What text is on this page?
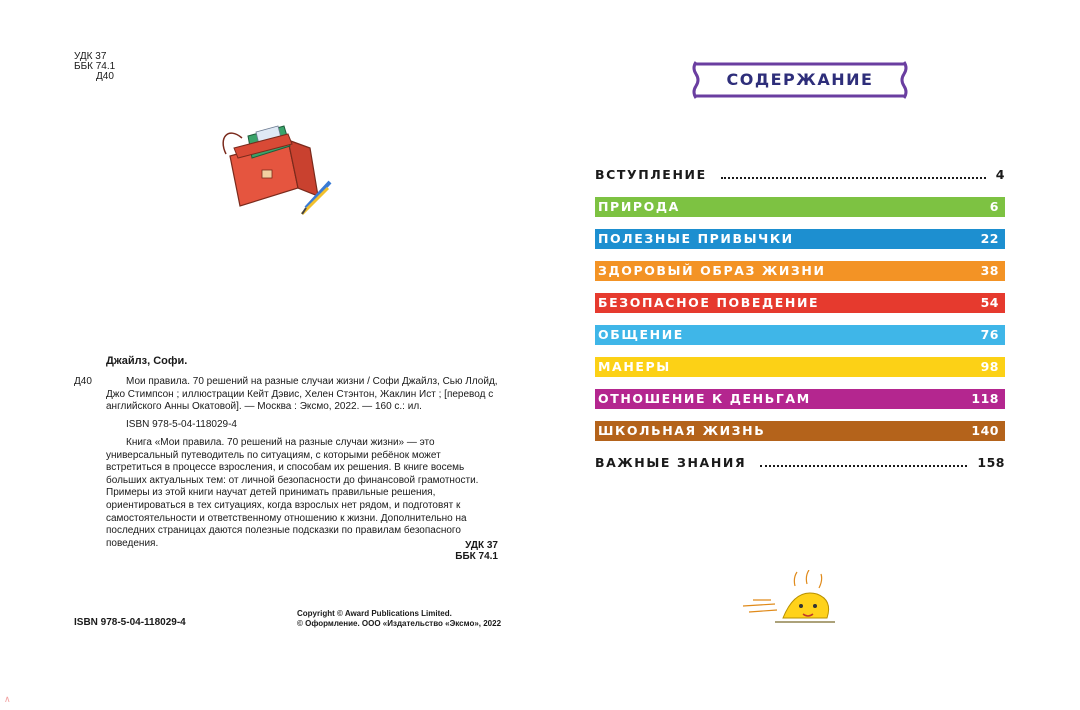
УДК 37
ББК 74.1
Д40
Джайлз, Софи.
Д40	Мои правила. 70 решений на разные случаи жизни / Софи Джайлз, Сью Ллойд, Джо Стимпсон ; иллюстрации Кейт Дэвис, Хелен Стэнтон, Жаклин Ист ; [перевод с английского Анны Окатовой]. — Москва : Эксмо, 2022. — 160 с.: ил.
ISBN 978-5-04-118029-4
Книга «Мои правила. 70 решений на разные случаи жизни» — это универсальный путеводитель по ситуациям, с которыми ребёнок может встретиться в процессе взросления, и способам их решения. В книге восемь больших актуальных тем: от личной безопасности до финансовой грамотности. Примеры из этой книги научат детей принимать правильные решения, ориентироваться в тех ситуациях, когда взрослых нет рядом, и подготовят к самостоятельности и ответственному отношению к жизни. Дополнительно на последних страницах даются полезные подсказки по правилам безопасного поведения.	УДК 37
ББК 74.1
ISBN 978-5-04-118029-4
Copyright © Award Publications Limited.
© Оформление. ООО «Издательство «Эксмо», 2022
СОДЕРЖАНИЕ
ВСТУПЛЕНИЕ	4
ПРИРОДА	6
ПОЛЕЗНЫЕ ПРИВЫЧКИ	22
ЗДОРОВЫЙ ОБРАЗ ЖИЗНИ	38
БЕЗОПАСНОЕ ПОВЕДЕНИЕ	54
ОБЩЕНИЕ	76
МАНЕРЫ	98
ОТНОШЕНИЕ К ДЕНЬГАМ	118
ШКОЛЬНАЯ ЖИЗНЬ	140
ВАЖНЫЕ ЗНАНИЯ	158
∧
